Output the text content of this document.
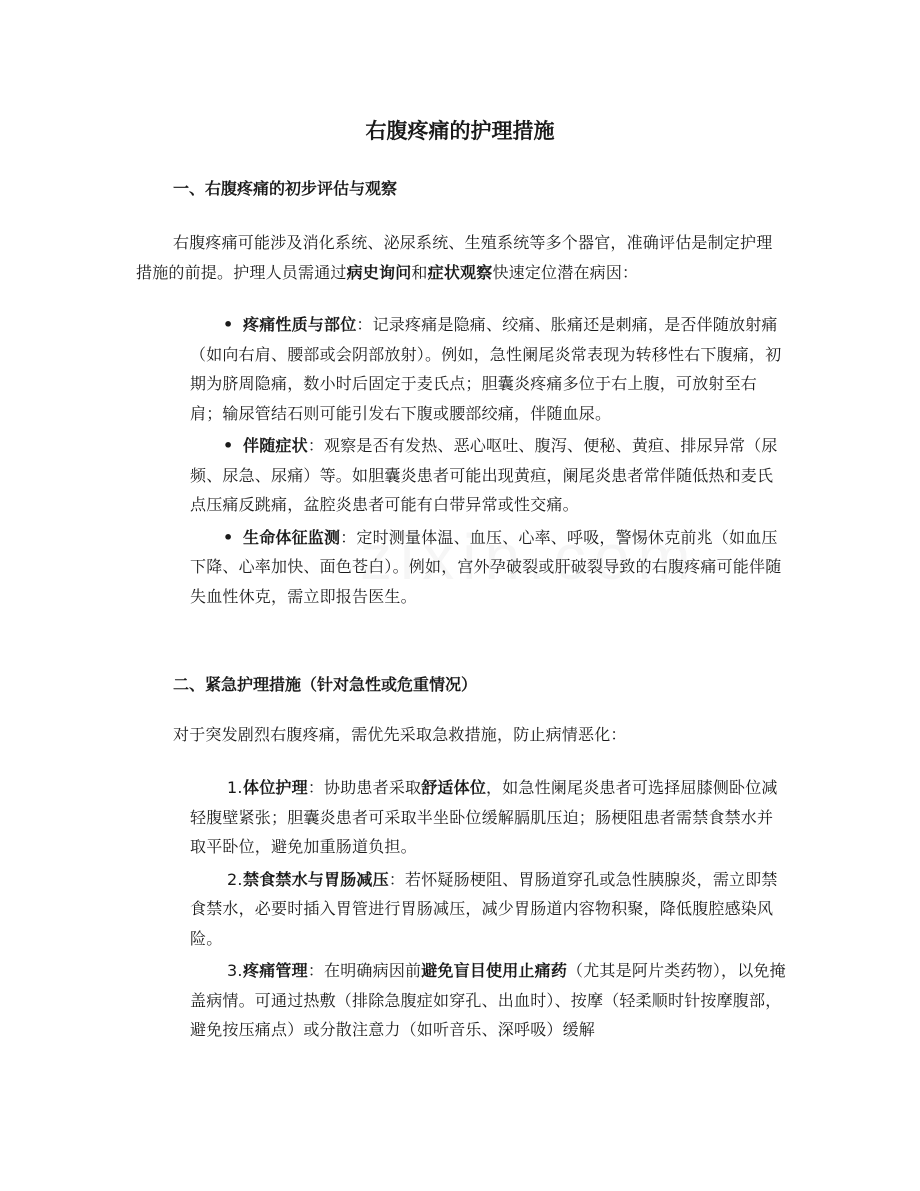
右腹疼痛的护理措施
一、右腹疼痛的初步评估与观察

右腹疼痛可能涉及消化系统、泌尿系统、生殖系统等多个器官，准确评估是制定护理措施的前提。护理人员需通过病史询问和症状观察快速定位潜在病因：

• 疼痛性质与部位：记录疼痛是隐痛、绞痛、胀痛还是刺痛，是否伴随放射痛（如向右肩、腰部或会阴部放射）。例如，急性阑尾炎常表现为转移性右下腹痛，初期为脐周隐痛，数小时后固定于麦氏点；胆囊炎疼痛多位于右上腹，可放射至右肩；输尿管结石则可能引发右下腹或腰部绞痛，伴随血尿。
• 伴随症状：观察是否有发热、恶心呕吐、腹泻、便秘、黄疸、排尿异常（尿频、尿急、尿痛）等。如胆囊炎患者可能出现黄疸，阑尾炎患者常伴随低热和麦氏点压痛反跳痛，盆腔炎患者可能有白带异常或性交痛。
• 生命体征监测：定时测量体温、血压、心率、呼吸，警惕休克前兆（如血压下降、心率加快、面色苍白）。例如，宫外孕破裂或肝破裂导致的右腹疼痛可能伴随失血性休克，需立即报告医生。
二、紧急护理措施（针对急性或危重情况）

对于突发剧烈右腹疼痛，需优先采取急救措施，防止病情恶化：

1. 体位护理：协助患者采取舒适体位，如急性阑尾炎患者可选择屈膝侧卧位减轻腹壁紧张；胆囊炎患者可采取半坐卧位缓解膈肌压迫；肠梗阻患者需禁食禁水并取平卧位，避免加重肠道负担。
2. 禁食禁水与胃肠减压：若怀疑肠梗阻、胃肠道穿孔或急性胰腺炎，需立即禁食禁水，必要时插入胃管进行胃肠减压，减少胃肠道内容物积聚，降低腹腔感染风险。
3. 疼痛管理：在明确病因前避免盲目使用止痛药（尤其是阿片类药物），以免掩盖病情。可通过热敷（排除急腹症如穿孔、出血时）、按摩（轻柔顺时针按摩腹部，避免按压痛点）或分散注意力（如听音乐、深呼吸）缓解
